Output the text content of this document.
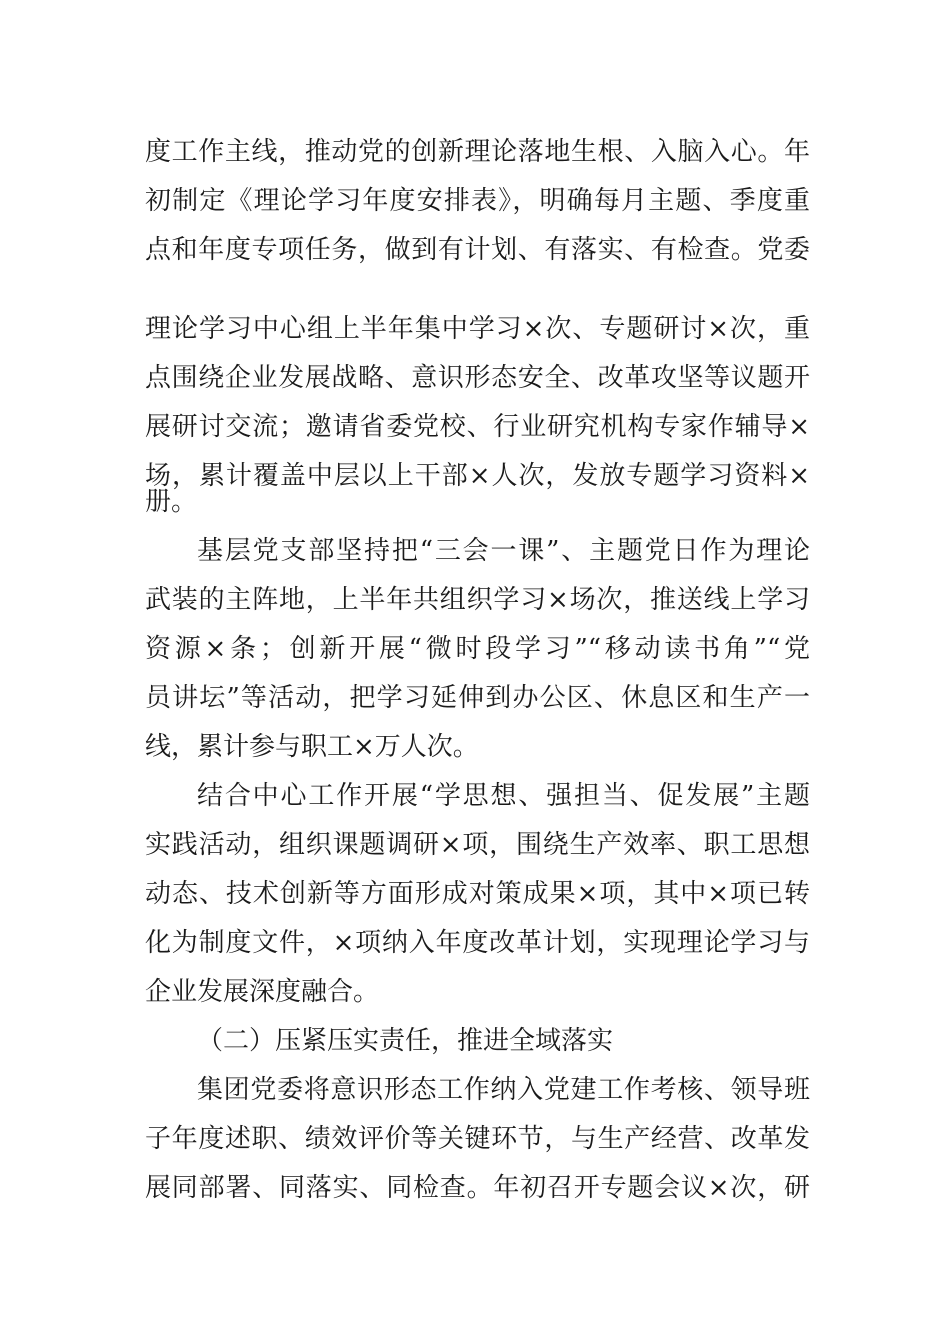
度工作主线，推动党的创新理论落地生根、入脑入心。年
初制定《理论学习年度安排表》，明确每月主题、季度重
点和年度专项任务，做到有计划、有落实、有检查。党委
理论学习中心组上半年集中学习×次、专题研讨×次，重
点围绕企业发展战略、意识形态安全、改革攻坚等议题开
展研讨交流；邀请省委党校、行业研究机构专家作辅导×
场，累计覆盖中层以上干部×人次，发放专题学习资料×
册。
基层党支部坚持把“三会一课”、主题党日作为理论
武装的主阵地，上半年共组织学习×场次，推送线上学习
资源×条；创新开展“微时段学习”“移动读书角”“党
员讲坛”等活动，把学习延伸到办公区、休息区和生产一
线，累计参与职工×万人次。
结合中心工作开展“学思想、强担当、促发展”主题
实践活动，组织课题调研×项，围绕生产效率、职工思想
动态、技术创新等方面形成对策成果×项，其中×项已转
化为制度文件，×项纳入年度改革计划，实现理论学习与
企业发展深度融合。
（二）压紧压实责任，推进全域落实
集团党委将意识形态工作纳入党建工作考核、领导班
子年度述职、绩效评价等关键环节，与生产经营、改革发
展同部署、同落实、同检查。年初召开专题会议×次，研
